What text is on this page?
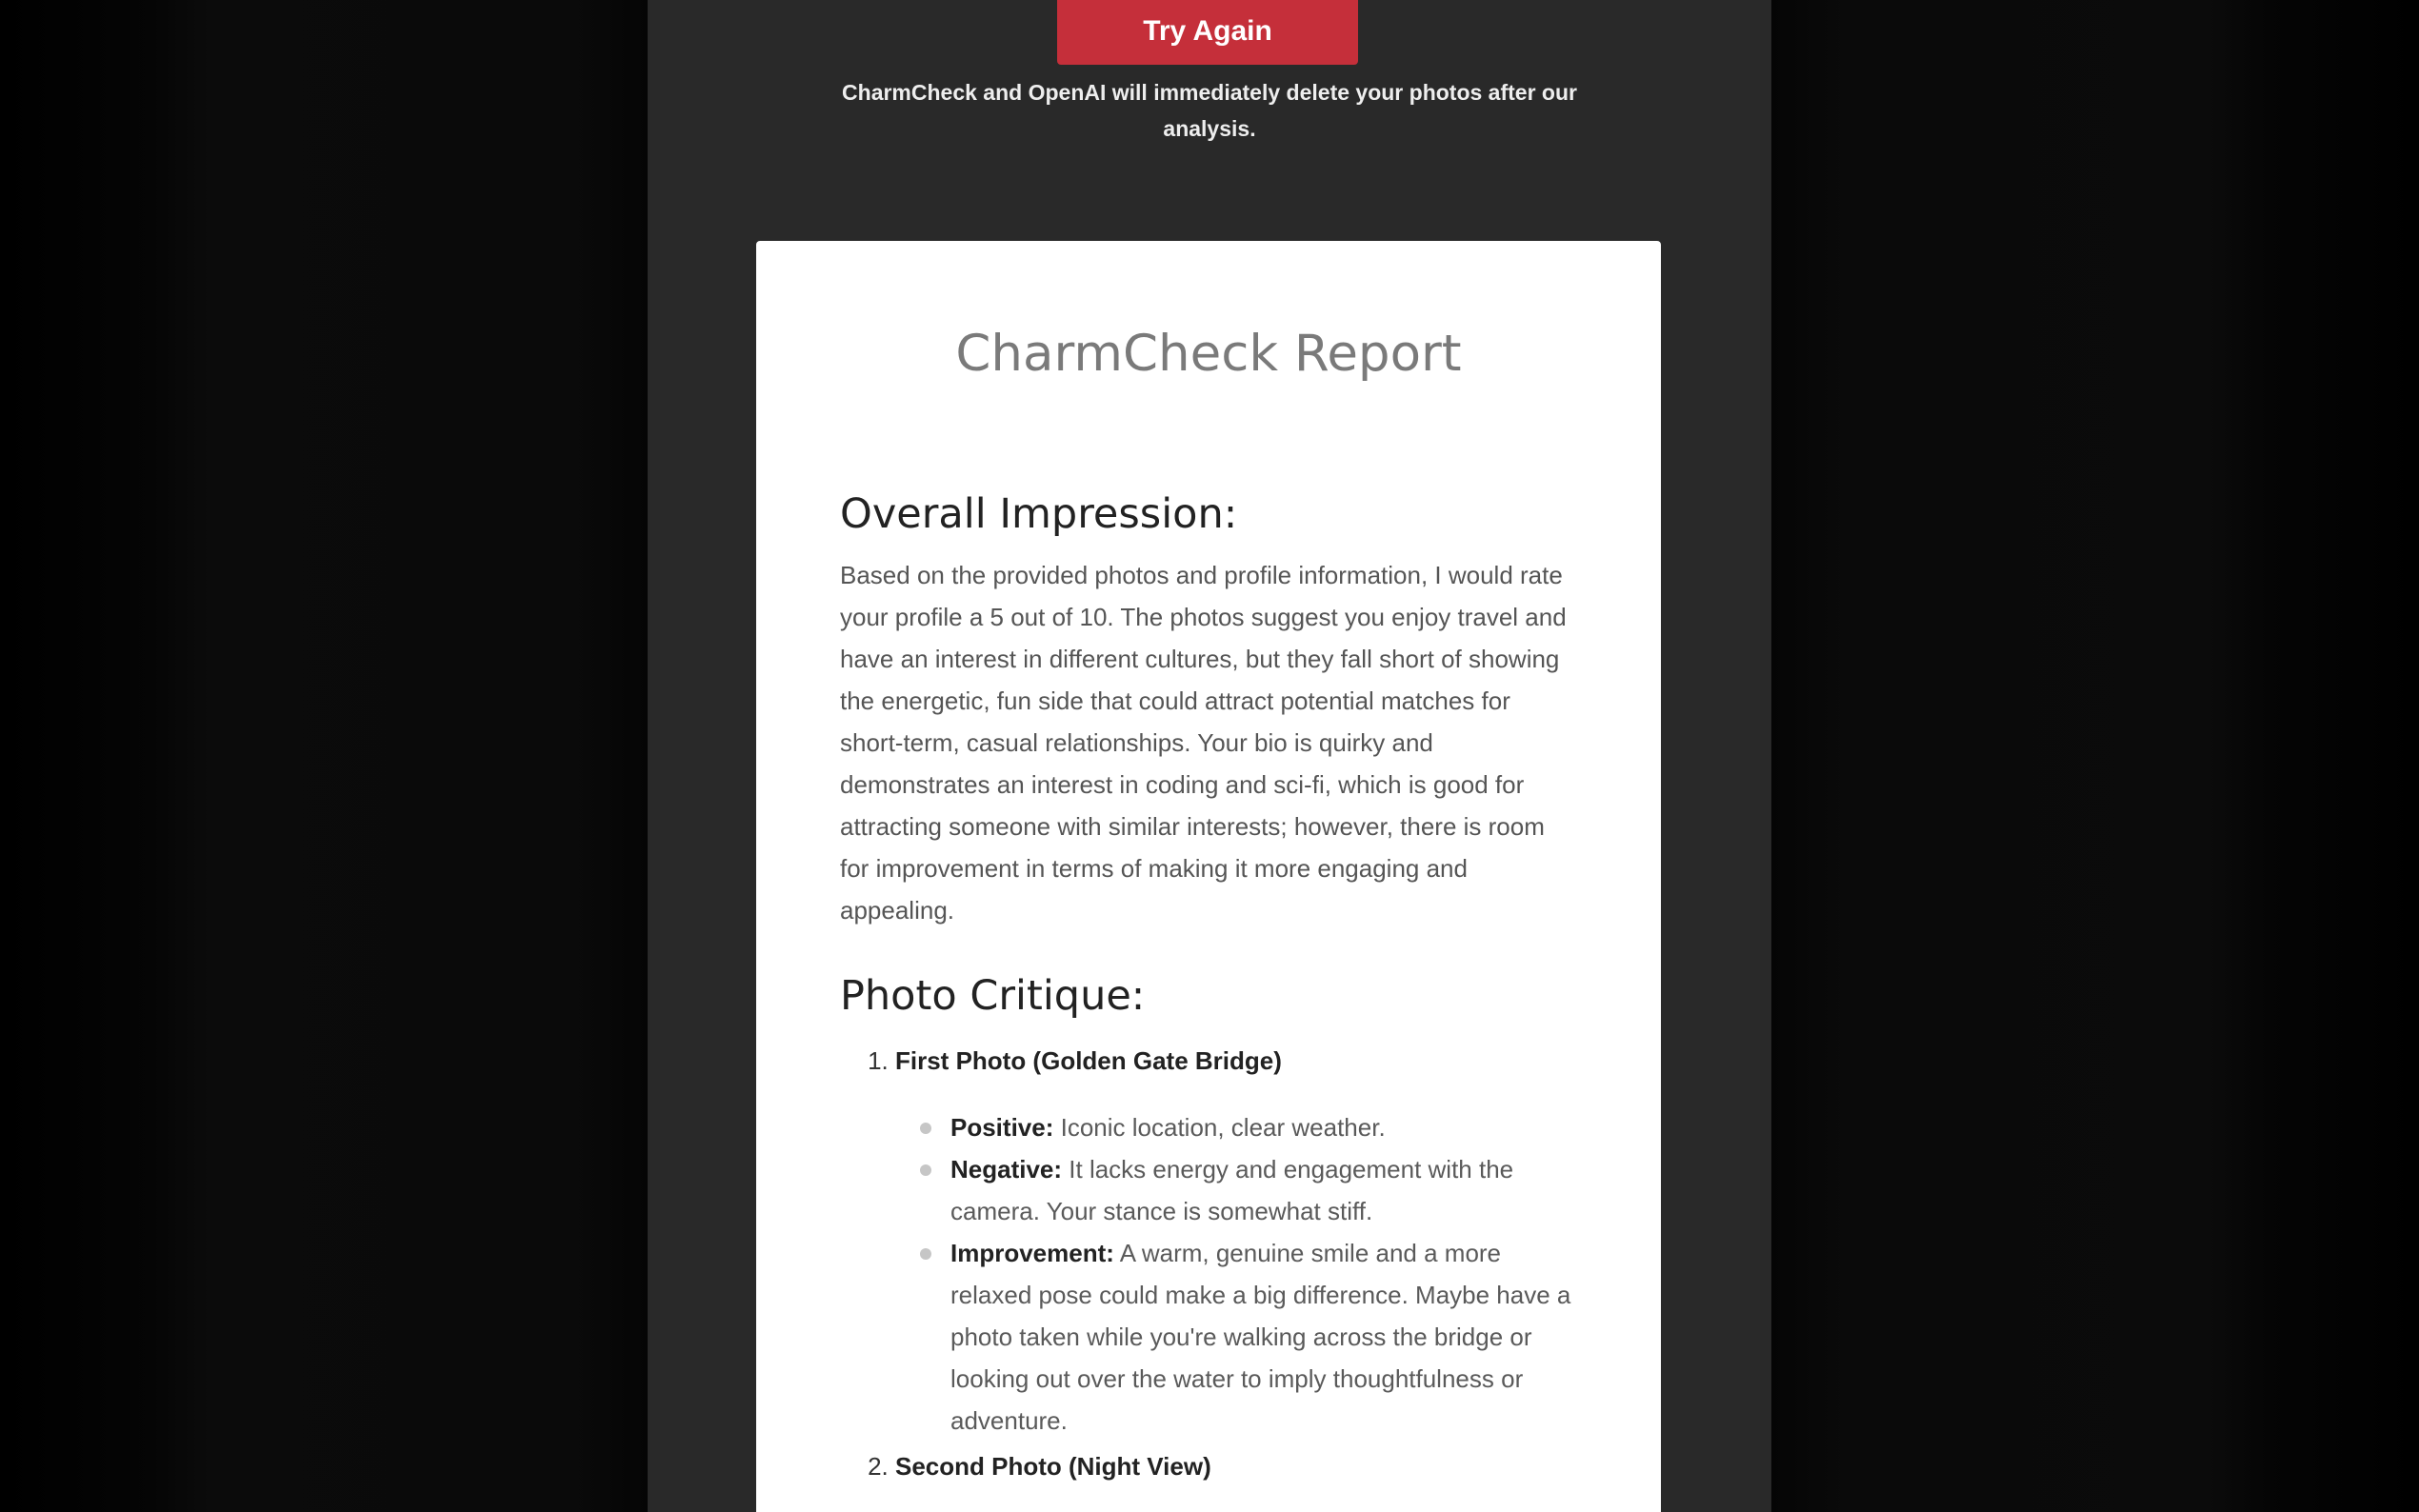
Try Again
CharmCheck and OpenAI will immediately delete your photos after our analysis.
CharmCheck Report
Overall Impression:

Based on the provided photos and profile information, I would rate your profile a 5 out of 10. The photos suggest you enjoy travel and have an interest in different cultures, but they fall short of showing the energetic, fun side that could attract potential matches for short-term, casual relationships. Your bio is quirky and demonstrates an interest in coding and sci-fi, which is good for attracting someone with similar interests; however, there is room for improvement in terms of making it more engaging and appealing.

Photo Critique:
1. First Photo (Golden Gate Bridge)
Positive: Iconic location, clear weather.
Negative: It lacks energy and engagement with the camera. Your stance is somewhat stiff.
Improvement: A warm, genuine smile and a more relaxed pose could make a big difference. Maybe have a photo taken while you're walking across the bridge or looking out over the water to imply thoughtfulness or adventure.
2. Second Photo (Night View)
